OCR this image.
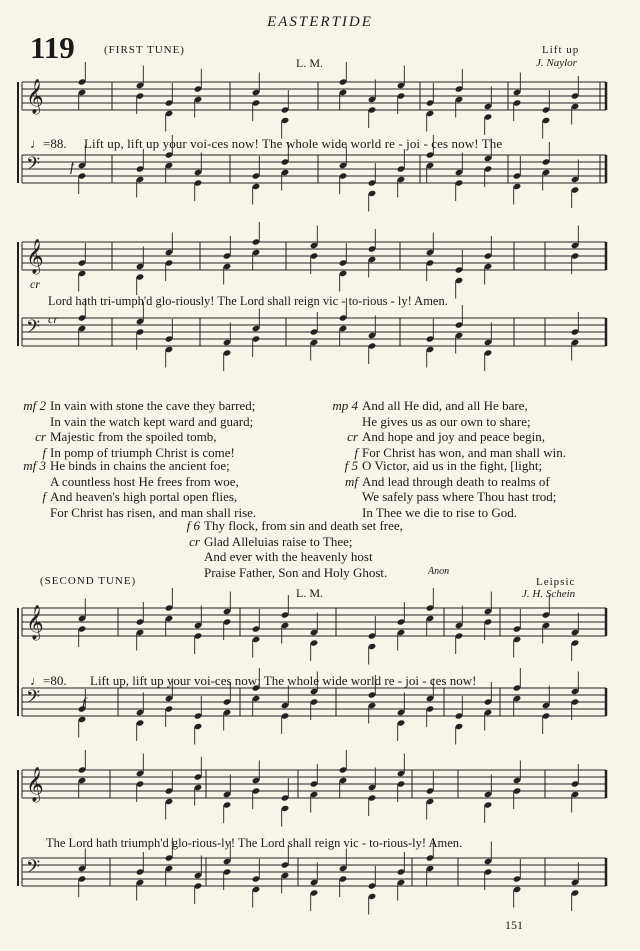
EASTERTIDE
119	(FIRST TUNE)
L. M.
Lift up
J. Naylor
𝄞
𝄢
𝄞
𝄢
𝄞
𝄢
𝄞
𝄢
♩=88. Lift up, lift up your voi-ces now! The whole wide world re - joi - ces now! The
Lord hath tri-umph'd glo-riously! The Lord shall reign vic - to-rious - ly! Amen.
♩=80. Lift up, lift up your voi-ces now: The whole wide world re - joi - ces now!
The Lord hath triumph'd glo-rious-ly! The Lord shall reign vic - to-rious-ly! Amen.
f
cr
cr
f
mf 2 In vain with stone the cave they barred;
In vain the watch kept ward and guard;
cr Majestic from the spoiled tomb,
f In pomp of triumph Christ is come!
mf 3 He binds in chains the ancient foe;
A countless host He frees from woe,
f And heaven's high portal open flies,
For Christ has risen, and man shall rise.
mp 4 And all He did, and all He bare,
He gives us as our own to share;
cr And hope and joy and peace begin,
f For Christ has won, and man shall win.
f 5 O Victor, aid us in the fight, [light;
mf And lead through death to realms of
We safely pass where Thou hast trod;
In Thee we die to rise to God.
f 6 Thy flock, from sin and death set free,
cr Glad Alleluias raise to Thee;
And ever with the heavenly host
Praise Father, Son and Holy Ghost.	Anon
(SECOND TUNE)
L. M.
Leipsic
J. H. Schein
151
